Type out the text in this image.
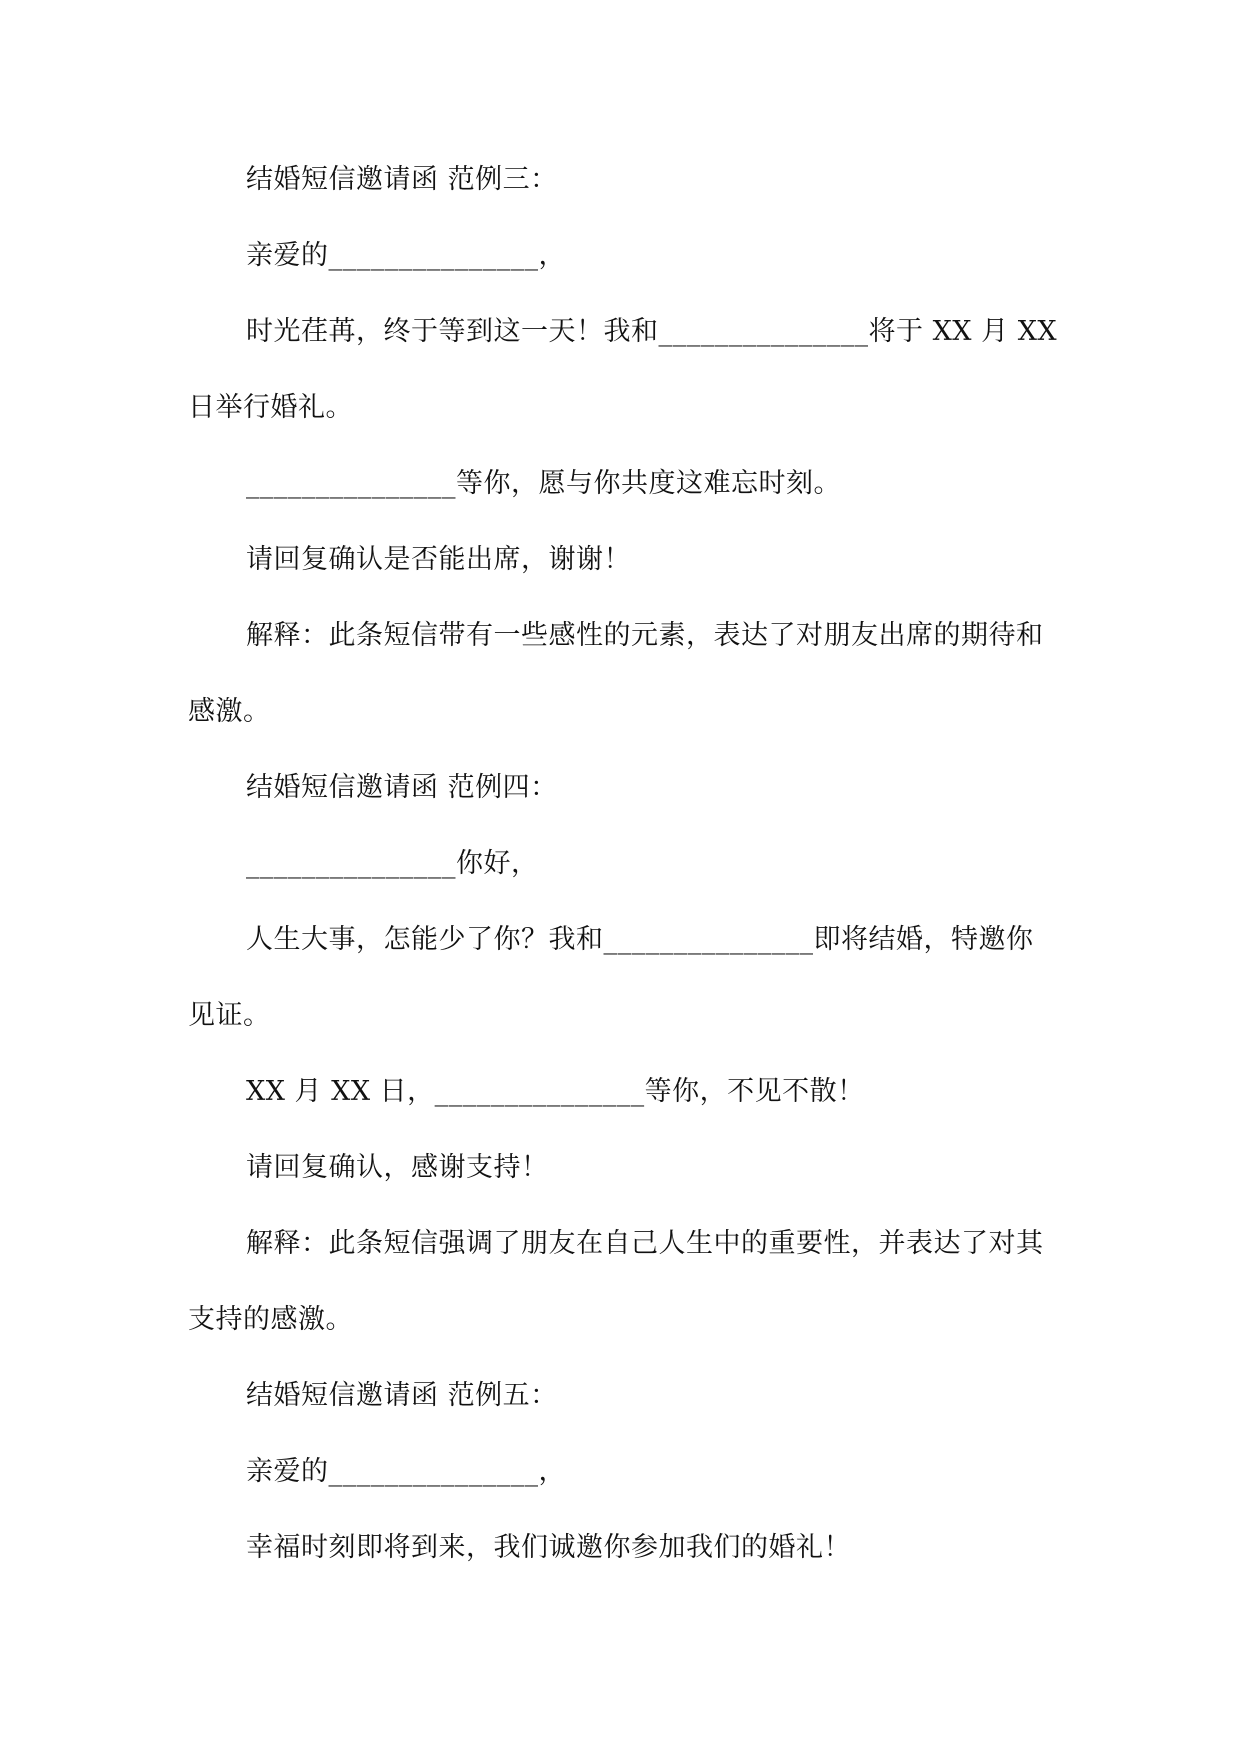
结婚短信邀请函 范例三：

亲爱的_______________，

时光荏苒，终于等到这一天！我和_______________将于 XX 月 XX 日举行婚礼。

_______________等你，愿与你共度这难忘时刻。

请回复确认是否能出席，谢谢！

解释：此条短信带有一些感性的元素，表达了对朋友出席的期待和感激。

结婚短信邀请函 范例四：

_______________你好，

人生大事，怎能少了你？我和_______________即将结婚，特邀你见证。

XX 月 XX 日，_______________等你，不见不散！

请回复确认，感谢支持！

解释：此条短信强调了朋友在自己人生中的重要性，并表达了对其支持的感激。

结婚短信邀请函 范例五：

亲爱的_______________，

幸福时刻即将到来，我们诚邀你参加我们的婚礼！
